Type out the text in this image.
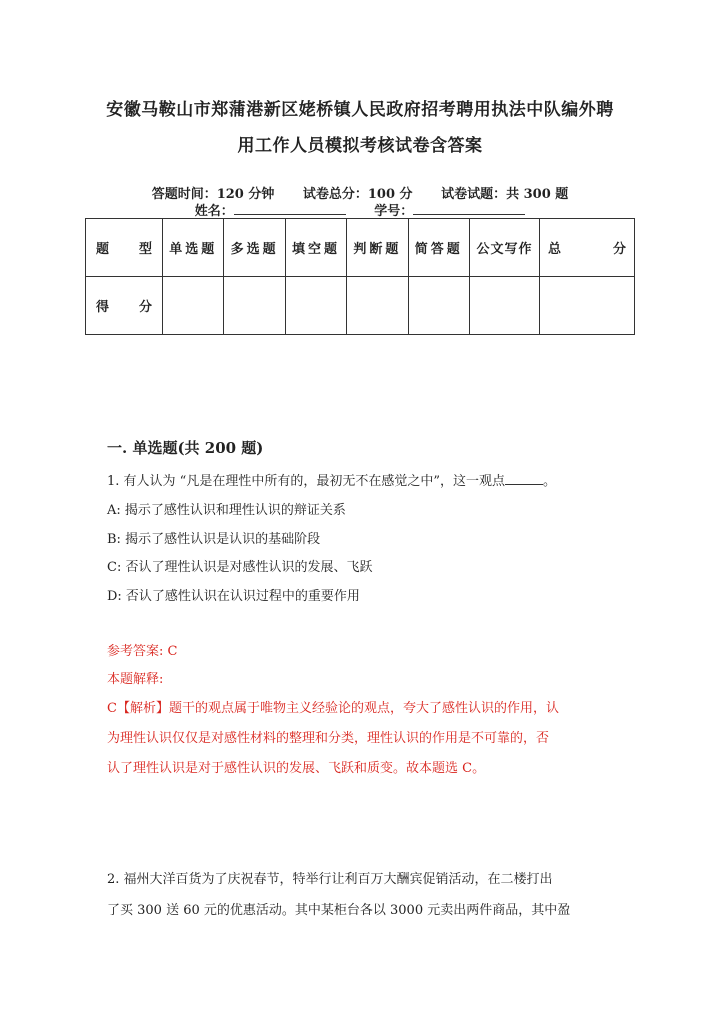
安徽马鞍山市郑蒲港新区姥桥镇人民政府招考聘用执法中队编外聘
用工作人员模拟考核试卷含答案
答题时间：120 分钟 试卷总分：100 分 试卷试题：共 300 题
姓名：	学号：
题　型	单选题	多选题	填空题	判断题	简答题	公文写作	总　分
得　分							
一. 单选题(共 200 题)
1. 有人认为 “凡是在理性中所有的，最初无不在感觉之中”，这一观点	。
A: 揭示了感性认识和理性认识的辩证关系
B: 揭示了感性认识是认识的基础阶段
C: 否认了理性认识是对感性认识的发展、飞跃
D: 否认了感性认识在认识过程中的重要作用
参考答案: C
本题解释:
C【解析】题干的观点属于唯物主义经验论的观点，夸大了感性认识的作用，认
为理性认识仅仅是对感性材料的整理和分类，理性认识的作用是不可靠的，否
认了理性认识是对于感性认识的发展、飞跃和质变。故本题选 C。
2. 福州大洋百货为了庆祝春节，特举行让利百万大酬宾促销活动，在二楼打出
了买 300 送 60 元的优惠活动。其中某柜台各以 3000 元卖出两件商品，其中盈
